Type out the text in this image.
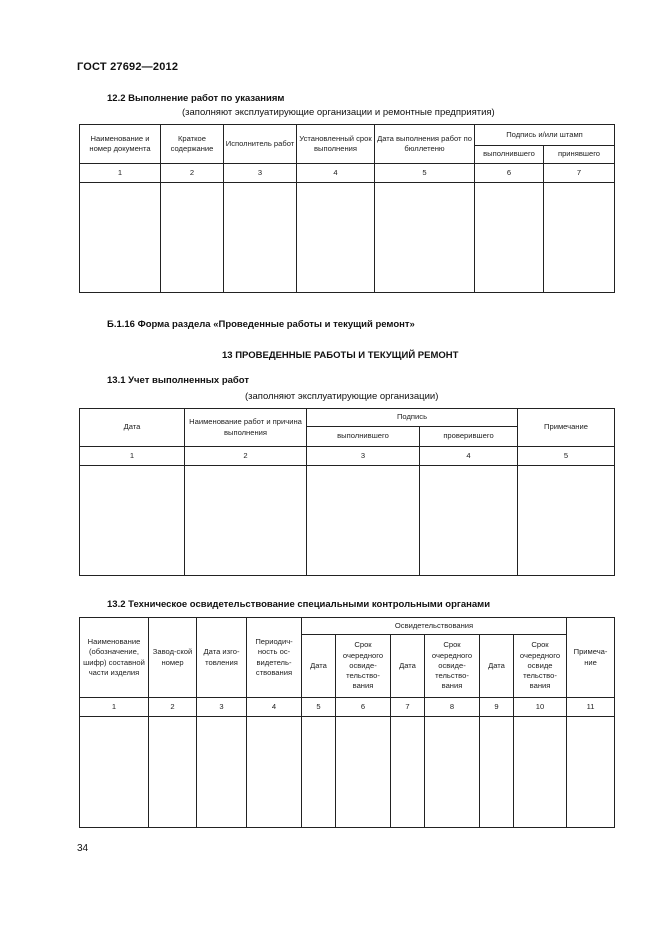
ГОСТ 27692—2012
12.2 Выполнение работ по указаниям
(заполняют эксплуатирующие организации и ремонтные предприятия)
Наименование и номер документа	Краткое содержание	Исполнитель работ	Установленный срок выполнения	Дата выполнения работ по бюллетеню	Подпись и/или штамп	
					выполнившего	принявшего
1	2	3	4	5	6	7

Б.1.16 Форма раздела «Проведенные работы и текущий ремонт»
13 ПРОВЕДЕННЫЕ РАБОТЫ И ТЕКУЩИЙ РЕМОНТ
13.1 Учет выполненных работ
(заполняют эксплуатирующие организации)
Дата	Наименование работ и причина выполнения	Подпись		Примечание
		выполнившего	проверившего	
1	2	3	4	5

13.2 Техническое освидетельствование специальными контрольными органами
Наименование (обозначение, шифр) составной части изделия	Завод-ской номер	Дата изго-товления	Периодич-ность ос-видетель-ствования	Освидетельствования						Примеча-ние
				Дата	Срок очередного освиде-тельство-вания	Дата	Срок очередного освиде-тельство-вания	Дата	Срок очередного освиде тельство-вания	
1	2	3	4	5	6	7	8	9	10	11

34
